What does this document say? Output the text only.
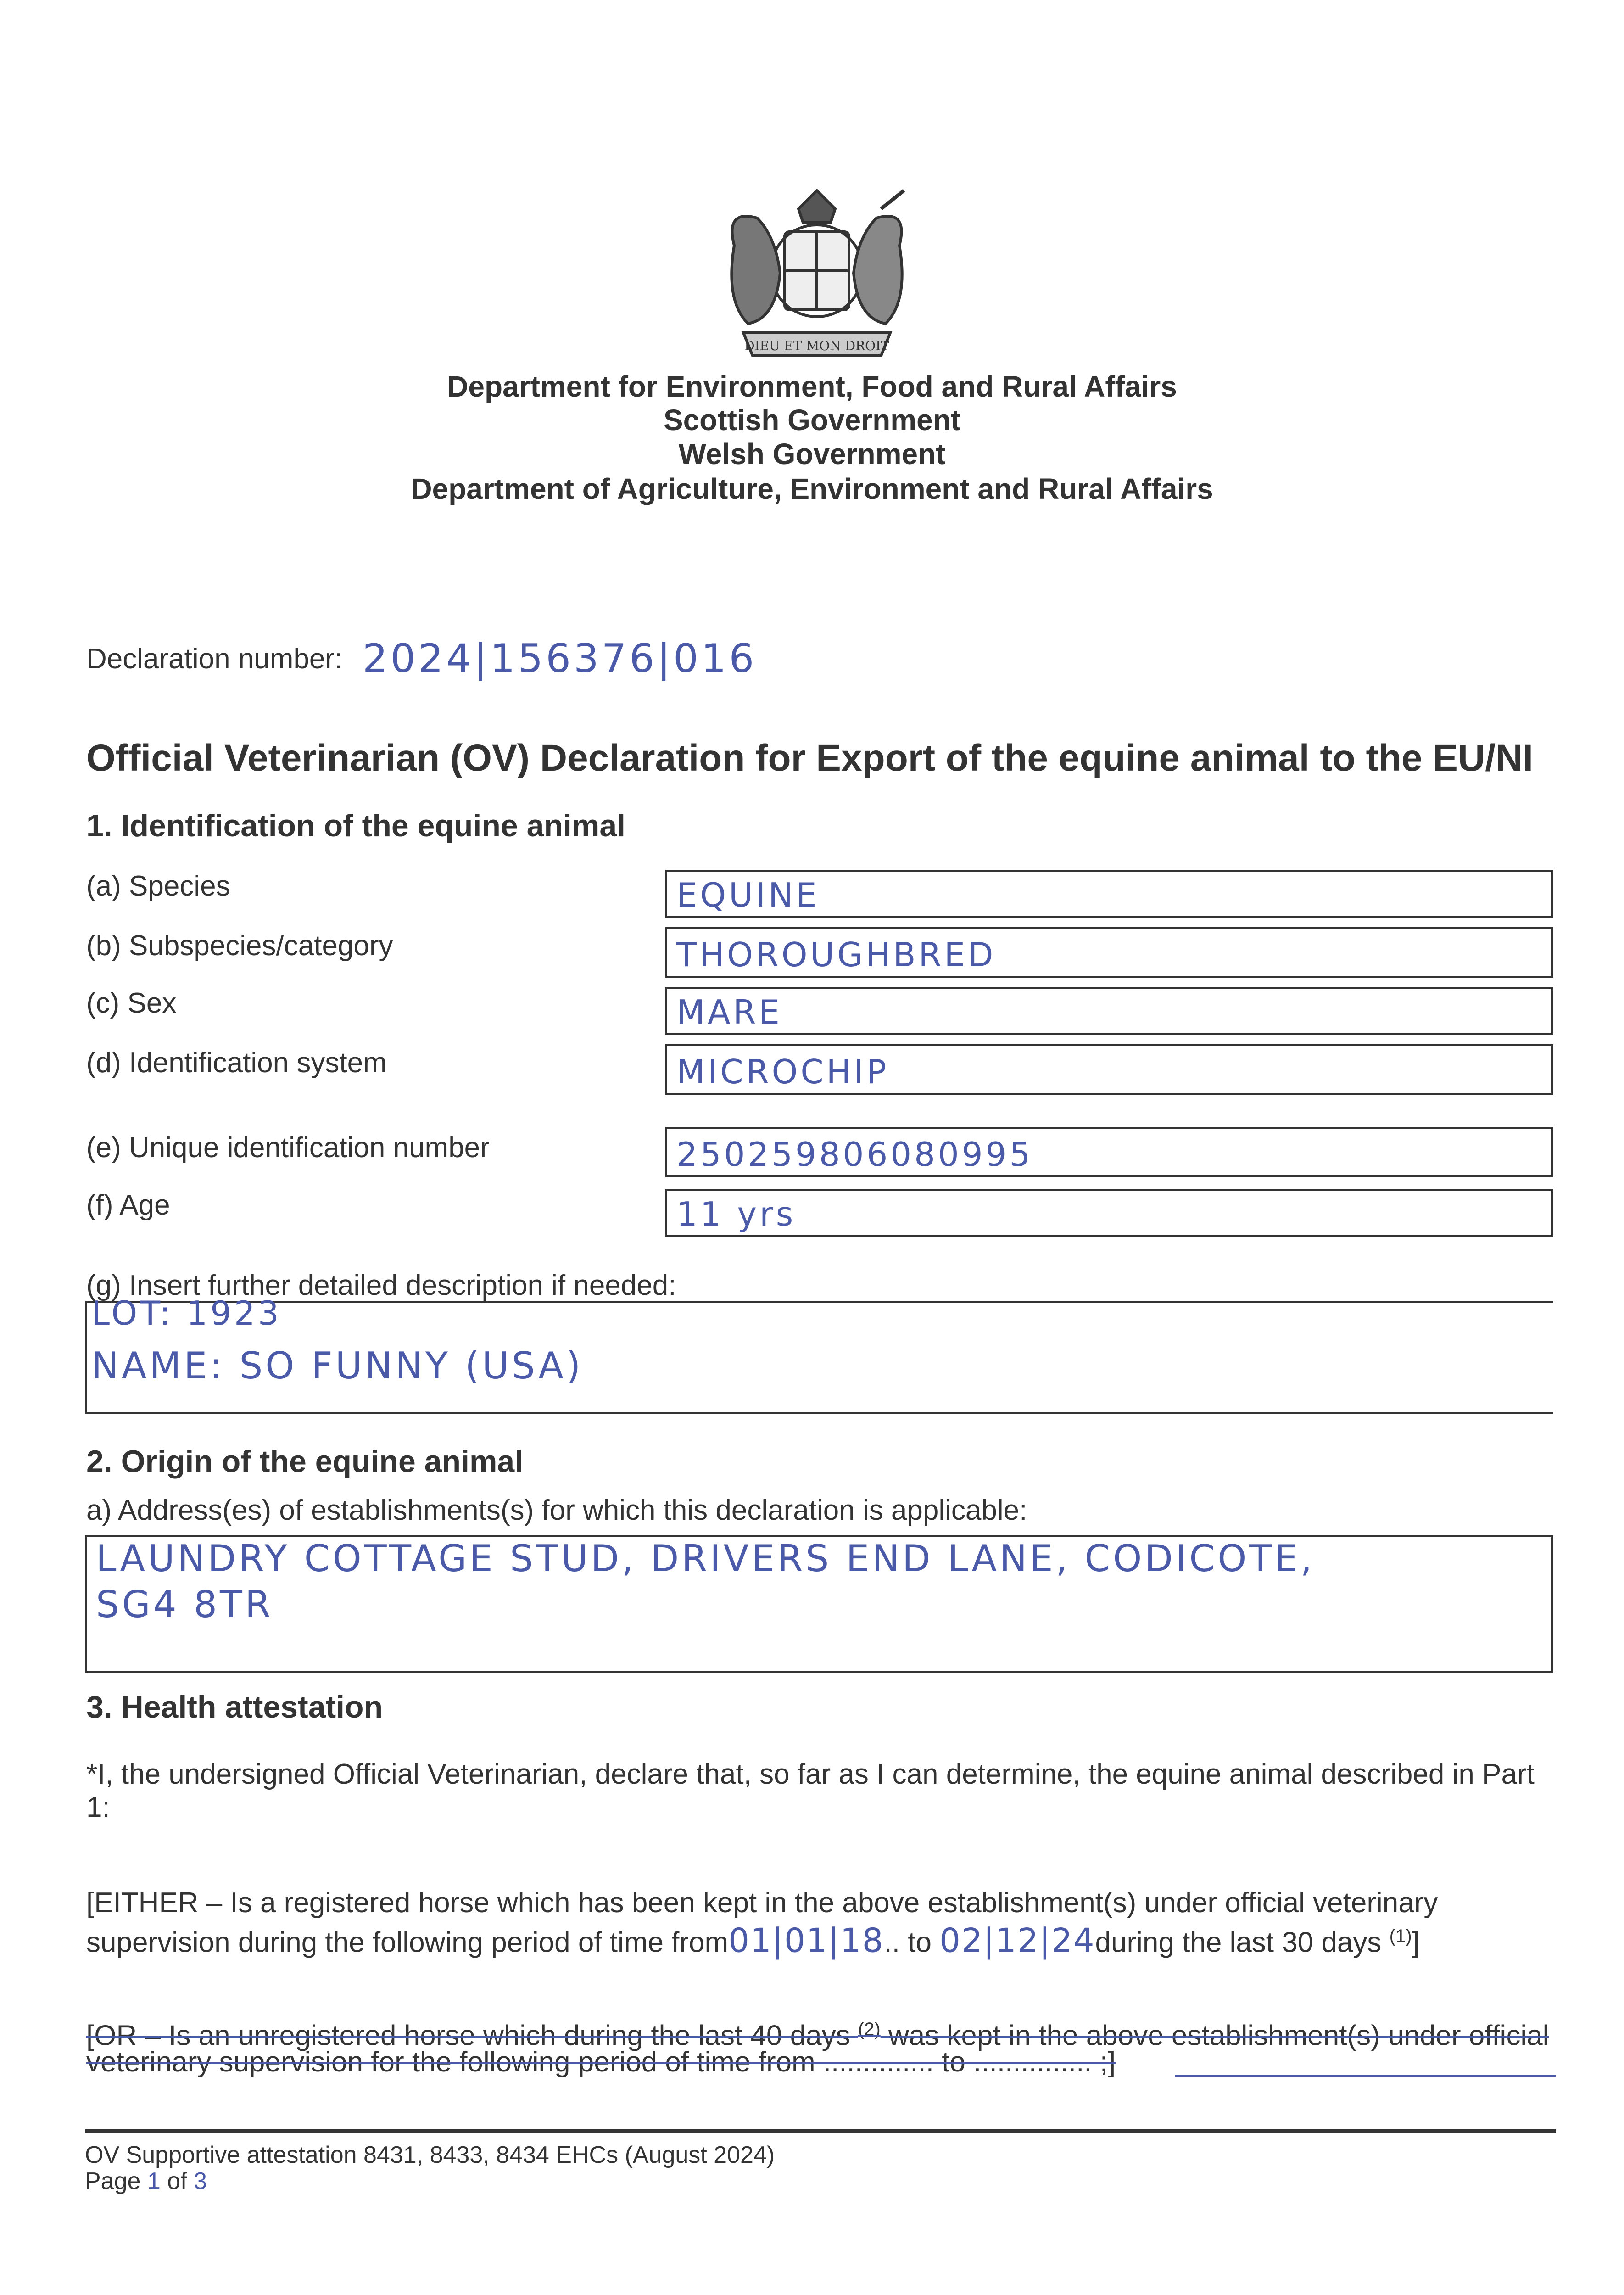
DIEU ET MON DROIT
Department for Environment, Food and Rural Affairs
Scottish Government
Welsh Government
Department of Agriculture, Environment and Rural Affairs
Declaration number: 2024|156376|016
Official Veterinarian (OV) Declaration for Export of the equine animal to the EU/NI
1. Identification of the equine animal
(a) Species	EQUINE
(b) Subspecies/category	THOROUGHBRED
(c) Sex	MARE
(d) Identification system	MICROCHIP
(e) Unique identification number	250259806080995
(f) Age	11 yrs
(g) Insert further detailed description if needed:
LOT: 1923
NAME: SO FUNNY (USA)
2. Origin of the equine animal
a) Address(es) of establishments(s) for which this declaration is applicable:
LAUNDRY COTTAGE STUD, DRIVERS END LANE, CODICOTE,
SG4 8TR
3. Health attestation
*I, the undersigned Official Veterinarian, declare that, so far as I can determine, the equine animal described in Part 1:
[EITHER – Is a registered horse which has been kept in the above establishment(s) under official veterinary
supervision during the following period of time from01|01|18.. to 02|12|24during the last 30 days $^{(1)}$]
[OR – Is an unregistered horse which during the last 40 days $^{(2)}$ was kept in the above establishment(s) under official
veterinary supervision for the following period of time from .............. to ............... ;]
OV Supportive attestation 8431, 8433, 8434 EHCs (August 2024)
Page 1 of 3
